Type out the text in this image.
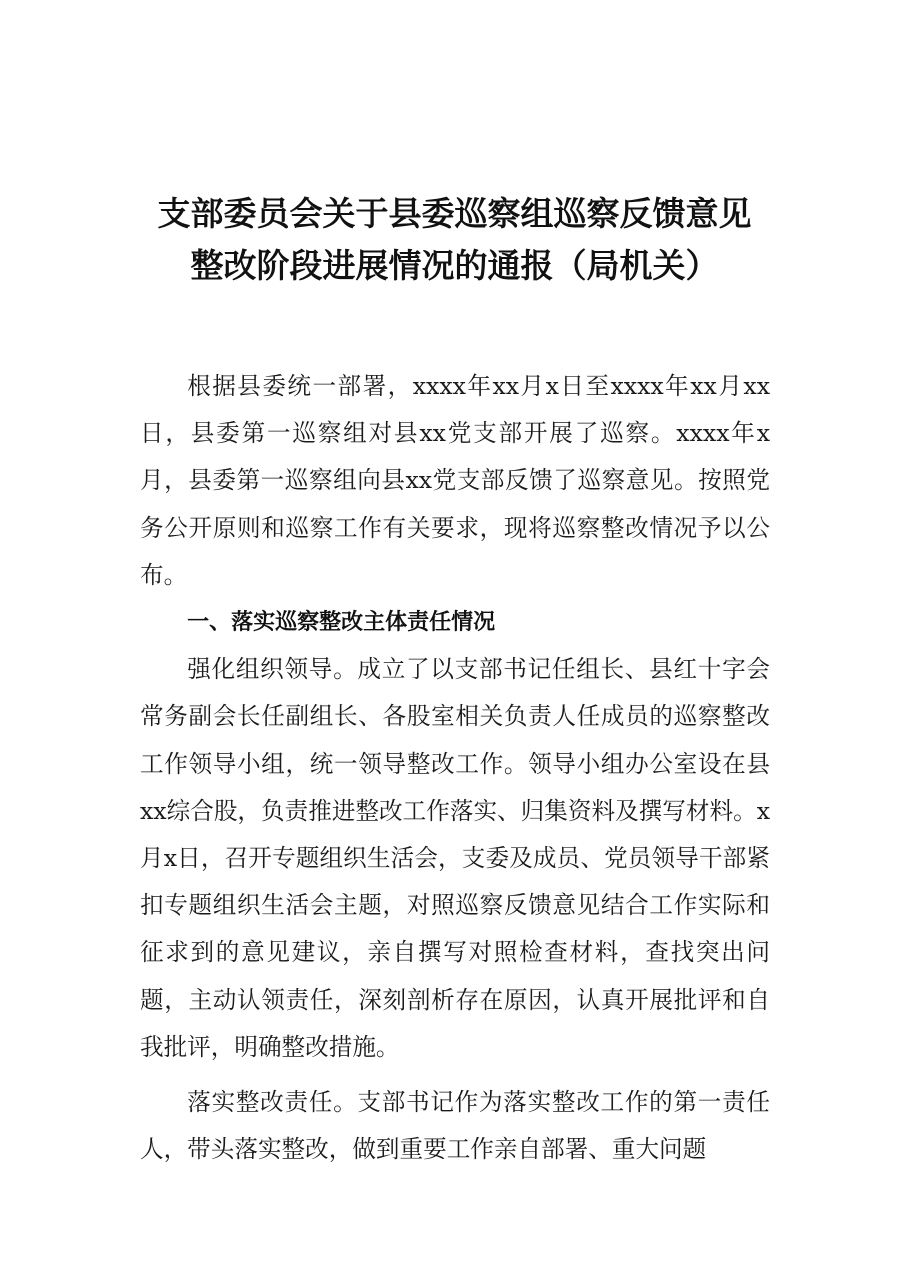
支部委员会关于县委巡察组巡察反馈意见
整改阶段进展情况的通报（局机关）

根据县委统一部署，xxxx年xx月x日至xxxx年xx月xx日，县委第一巡察组对县xx党支部开展了巡察。xxxx年x月，县委第一巡察组向县xx党支部反馈了巡察意见。按照党务公开原则和巡察工作有关要求，现将巡察整改情况予以公布。

一、落实巡察整改主体责任情况

强化组织领导。成立了以支部书记任组长、县红十字会常务副会长任副组长、各股室相关负责人任成员的巡察整改工作领导小组，统一领导整改工作。领导小组办公室设在县xx综合股，负责推进整改工作落实、归集资料及撰写材料。x月x日，召开专题组织生活会，支委及成员、党员领导干部紧扣专题组织生活会主题，对照巡察反馈意见结合工作实际和征求到的意见建议，亲自撰写对照检查材料，查找突出问题，主动认领责任，深刻剖析存在原因，认真开展批评和自我批评，明确整改措施。

落实整改责任。支部书记作为落实整改工作的第一责任人，带头落实整改，做到重要工作亲自部署、重大问题
